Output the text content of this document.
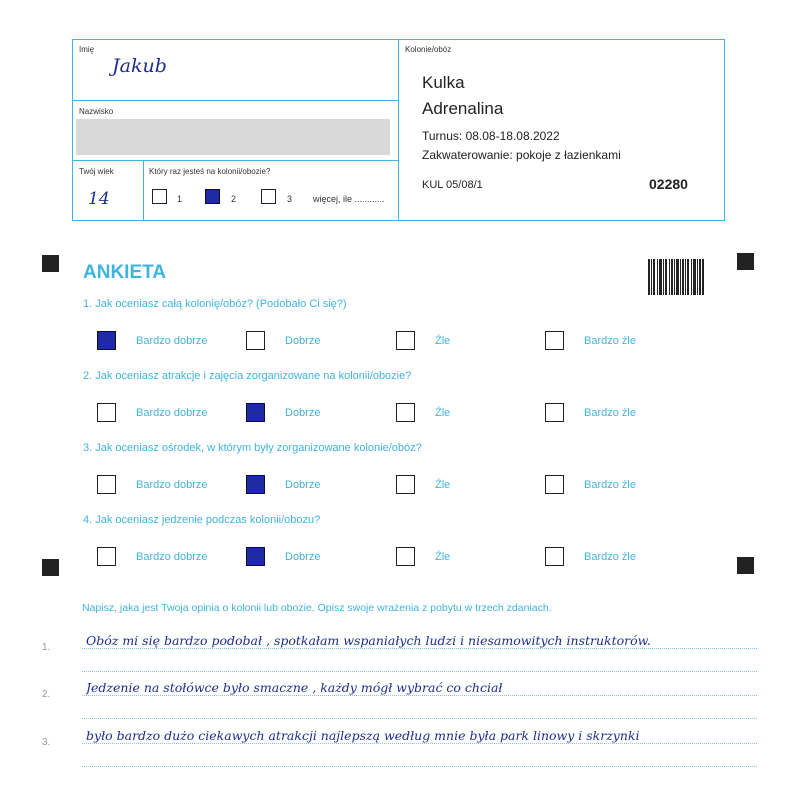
Imię
Jakub
Nazwisko
Twój wiek
14
Który raz jesteś na kolonii/obozie?
1	2	3 więcej, ile ............
Kolonie/obóz
Kulka
Adrenalina
Turnus: 08.08-18.08.2022
Zakwaterowanie: pokoje z łazienkami
KUL 05/08/1	02280
ANKIETA
1. Jak oceniasz całą kolonię/obóz? (Podobało Ci się?)
Bardzo dobrze	Dobrze	Źle	Bardzo źle
2. Jak oceniasz atrakcje i zajęcia zorganizowane na kolonii/obozie?
Bardzo dobrze	Dobrze	Źle	Bardzo źle
3. Jak oceniasz ośrodek, w którym były zorganizowane kolonie/obóz?
Bardzo dobrze	Dobrze	Źle	Bardzo źle
4. Jak oceniasz jedzenie podczas kolonii/obozu?
Bardzo dobrze	Dobrze	Źle	Bardzo źle
Napisz, jaka jest Twoja opinia o kolonii lub obozie. Opisz swoje wrażenia z pobytu w trzech zdaniach.
1.	Obóz mi się bardzo podobał , spotkałam wspaniałych ludzi i niesamowitych instruktorów.
2.	Jedzenie na stołówce było smaczne , każdy mógł wybrać co chciał
3.	było bardzo dużo ciekawych atrakcji najlepszą według mnie była park linowy i skrzynki
